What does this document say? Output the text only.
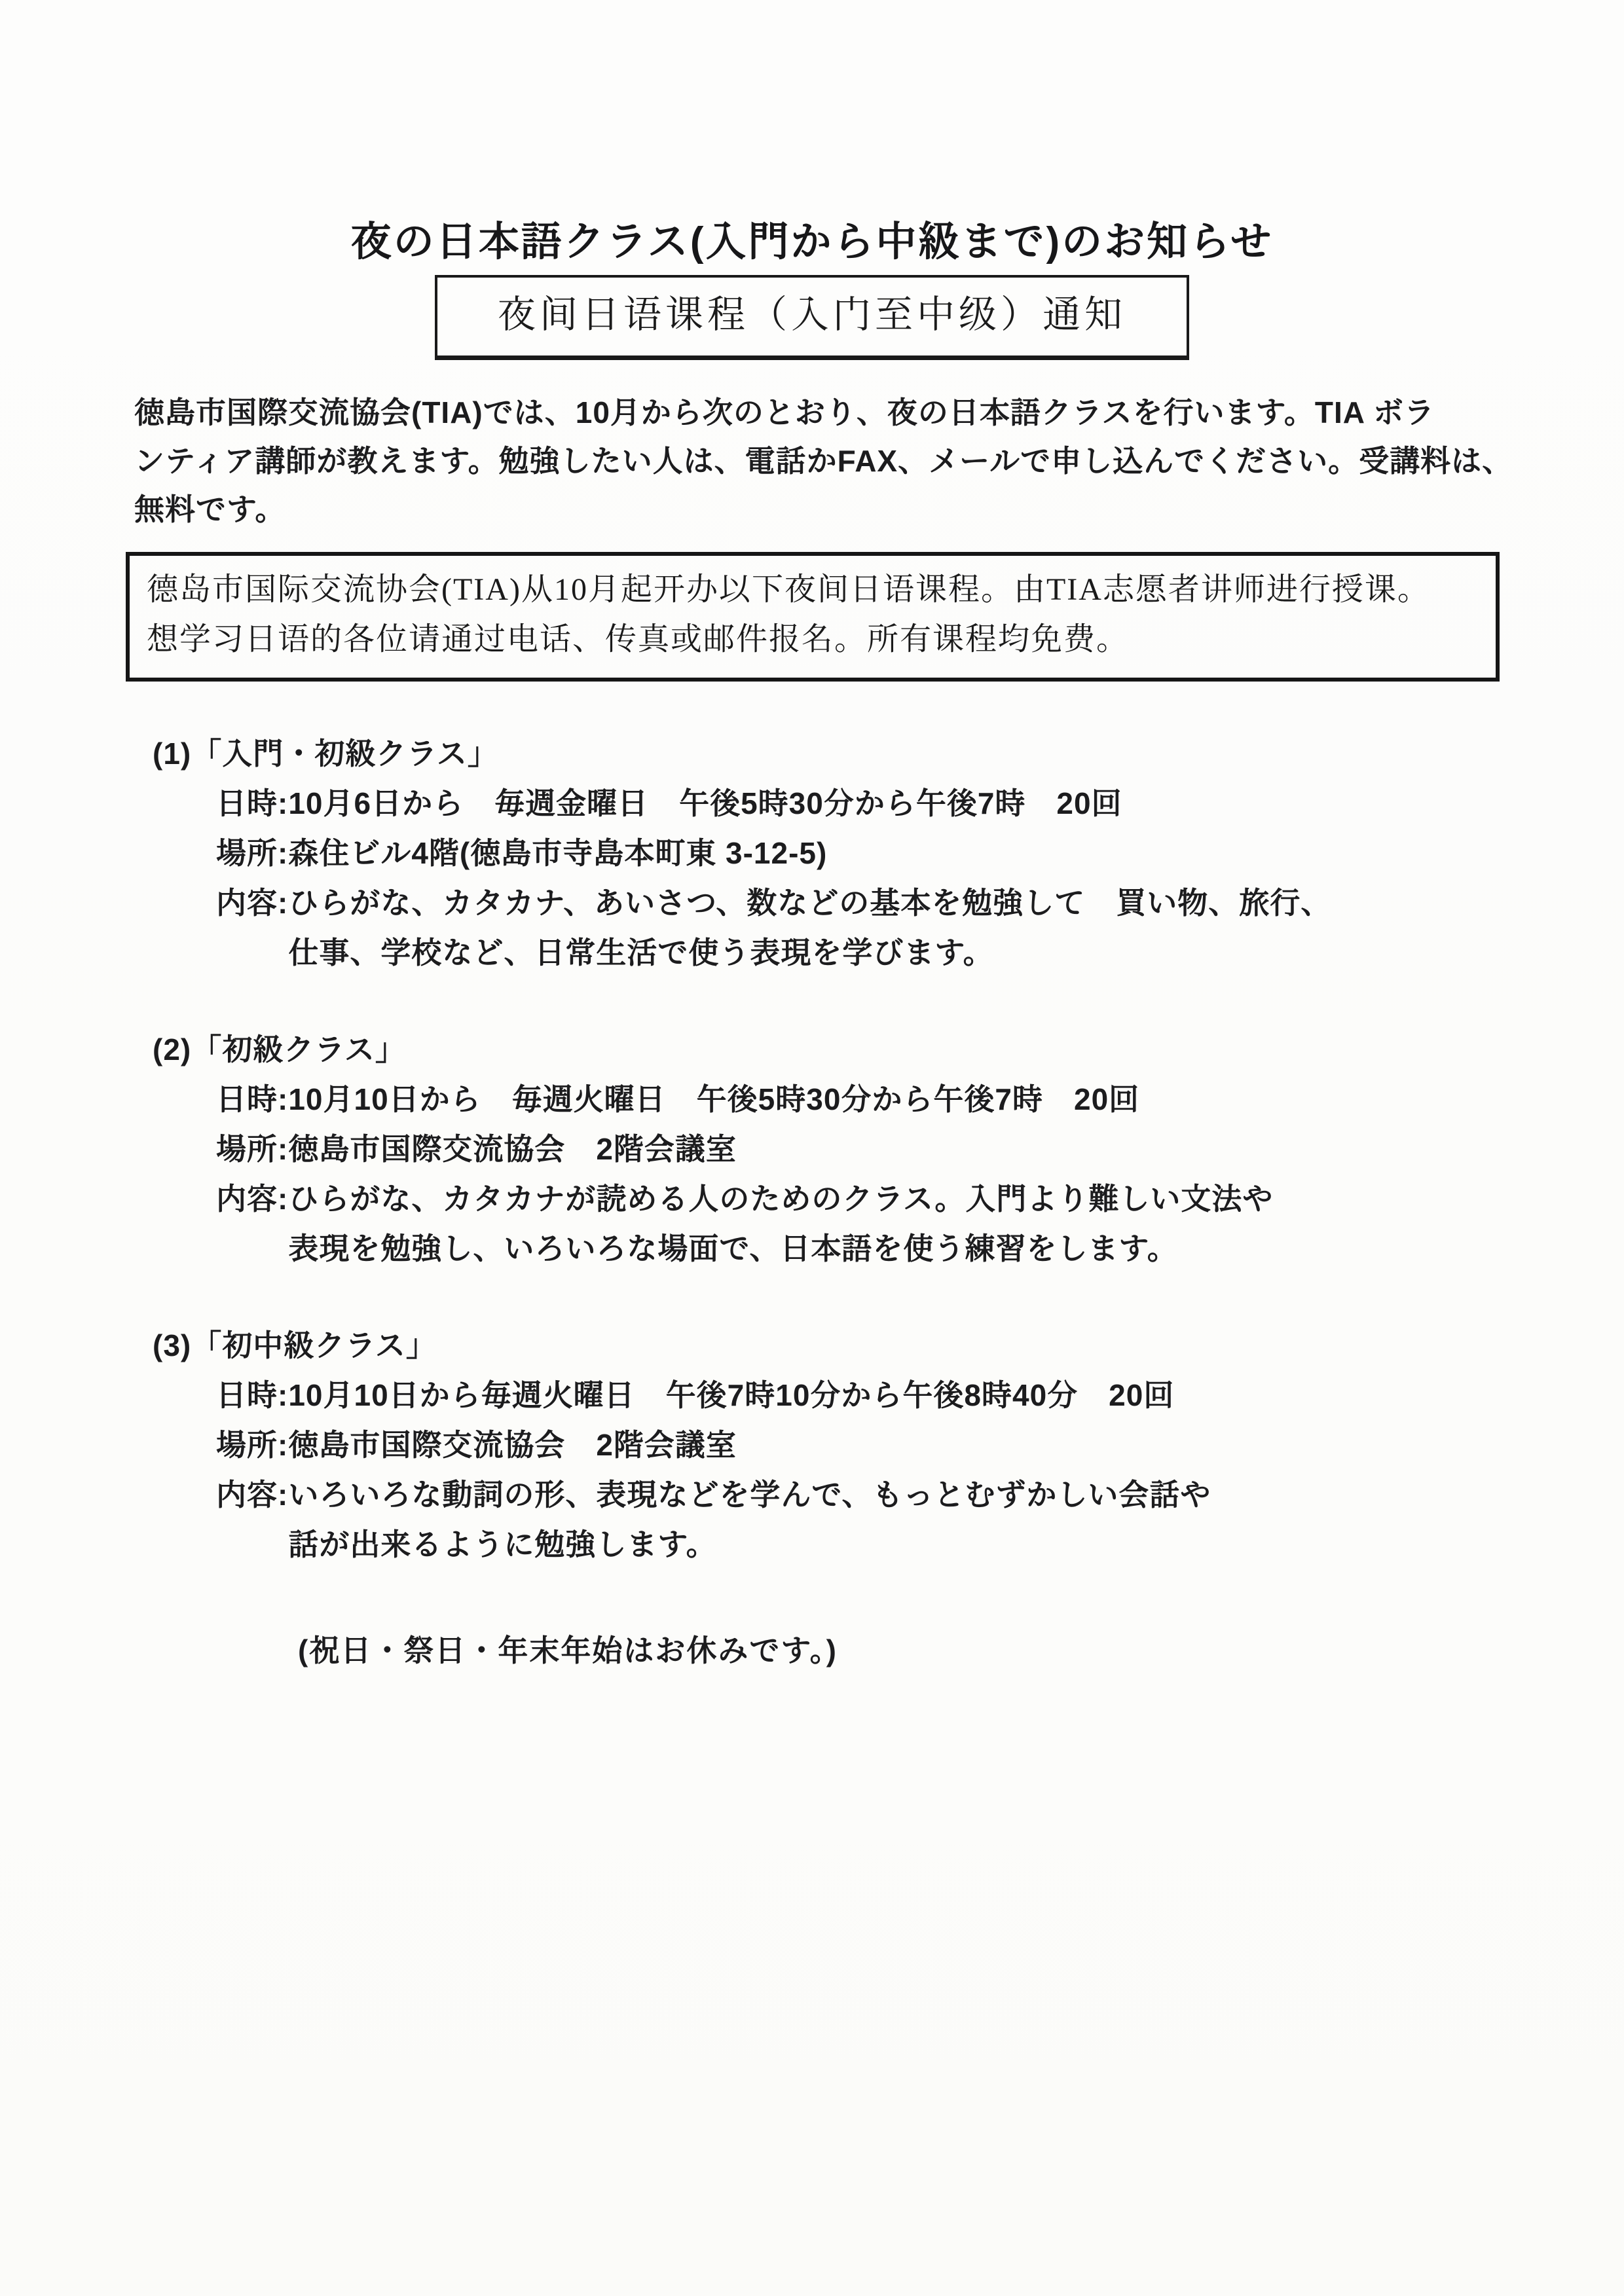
夜の日本語クラス(入門から中級まで)のお知らせ
夜间日语课程（入门至中级）通知
徳島市国際交流協会(TIA)では、10月から次のとおり、夜の日本語クラスを行います。TIA ボラ
ンティア講師が教えます。勉強したい人は、電話かFAX、メールで申し込んでください。受講料は、
無料です。
德岛市国际交流协会(TIA)从10月起开办以下夜间日语课程。由TIA志愿者讲师进行授课。
想学习日语的各位请通过电话、传真或邮件报名。所有课程均免费。
(1)「入門・初級クラス」
日時: 10月6日から　毎週金曜日　午後5時30分から午後7時　20回
場所: 森住ビル4階(徳島市寺島本町東 3-12-5)
内容: ひらがな、カタカナ、あいさつ、数などの基本を勉強して　買い物、旅行、
仕事、学校など、日常生活で使う表現を学びます。
(2)「初級クラス」
日時: 10月10日から　毎週火曜日　午後5時30分から午後7時　20回
場所: 徳島市国際交流協会　2階会議室
内容: ひらがな、カタカナが読める人のためのクラス。入門より難しい文法や
表現を勉強し、いろいろな場面で、日本語を使う練習をします。
(3)「初中級クラス」
日時: 10月10日から毎週火曜日　午後7時10分から午後8時40分　20回
場所: 徳島市国際交流協会　2階会議室
内容: いろいろな動詞の形、表現などを学んで、もっとむずかしい会話や
話が出来るように勉強します。
(祝日・祭日・年末年始はお休みです。)
